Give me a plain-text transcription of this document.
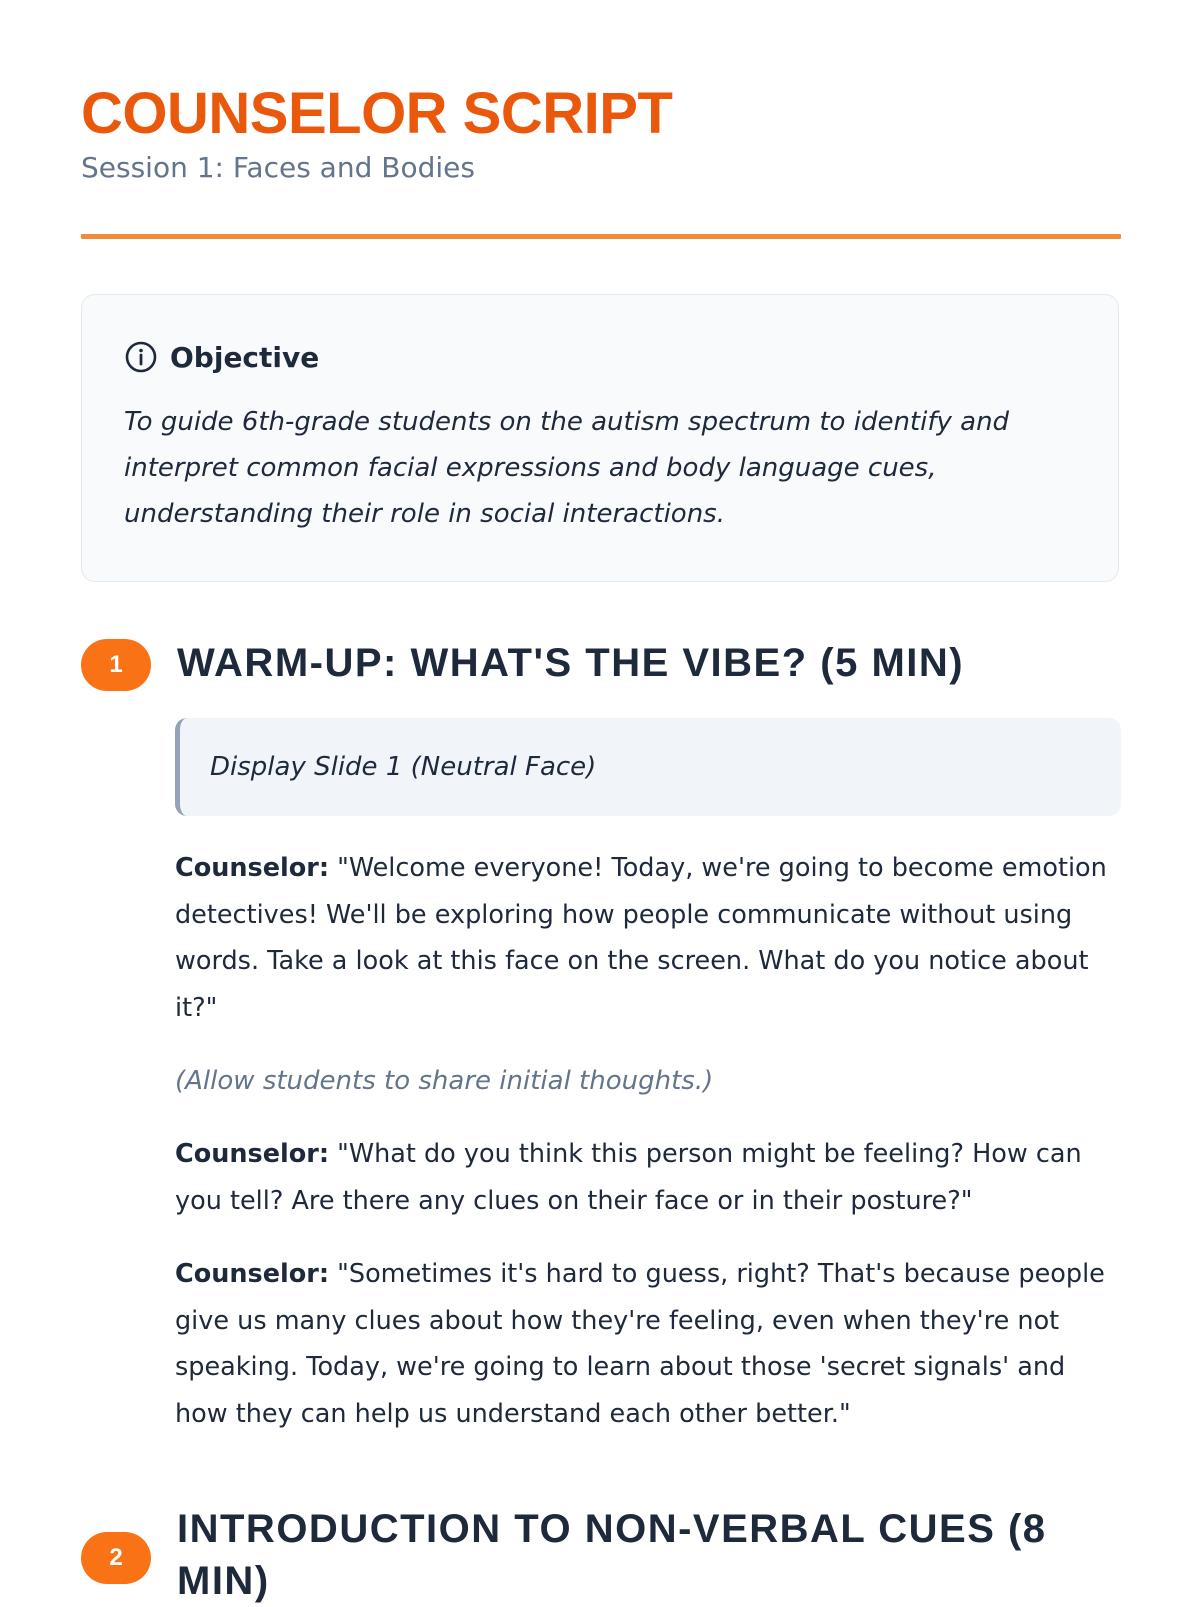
COUNSELOR SCRIPT

Session 1: Faces and Bodies

Objective

To guide 6th-grade students on the autism spectrum to identify and interpret common facial expressions and body language cues, understanding their role in social interactions.

1	WARM-UP: WHAT'S THE VIBE? (5 MIN)
Display Slide 1 (Neutral Face)

Counselor: "Welcome everyone! Today, we're going to become emotion detectives! We'll be exploring how people communicate without using words. Take a look at this face on the screen. What do you notice about it?"

(Allow students to share initial thoughts.)

Counselor: "What do you think this person might be feeling? How can you tell? Are there any clues on their face or in their posture?"

Counselor: "Sometimes it's hard to guess, right? That's because people give us many clues about how they're feeling, even when they're not speaking. Today, we're going to learn about those 'secret signals' and how they can help us understand each other better."

2
INTRODUCTION TO NON-VERBAL CUES (8 MIN)
